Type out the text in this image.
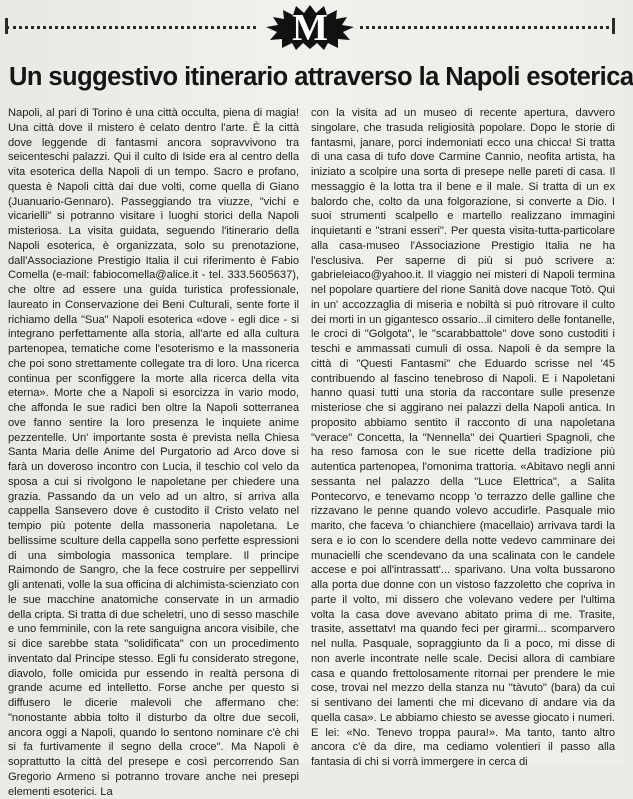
M
Un suggestivo itinerario attraverso la Napoli esoterica

Napoli, al pari di Torino è una città occulta, piena di magia! Una città dove il mistero è celato dentro l'arte. È la città dove leggende di fantasmi ancora sopravvivono tra seicenteschi palazzi. Qui il culto di Iside era al centro della vita esoterica della Napoli di un tempo. Sacro e profano, questa è Napoli città dai due volti, come quella di Giano (Juanuario-Gennaro). Passeggiando tra viuzze, "vichi e vicarielli" si potranno visitare i luoghi storici della Napoli misteriosa. La visita guidata, seguendo l'itinerario della Napoli esoterica, è organizzata, solo su prenotazione, dall'Associazione Prestigio Italia il cui riferimento è Fabio Comella (e-mail: fabiocomella@alice.it - tel. 333.5605637), che oltre ad essere una guida turistica professionale, laureato in Conservazione dei Beni Culturali, sente forte il richiamo della "Sua" Napoli esoterica «dove - egli dice - si integrano perfettamente alla storia, all'arte ed alla cultura partenopea, tematiche come l'esoterismo e la massoneria che poi sono strettamente collegate tra di loro. Una ricerca continua per sconfiggere la morte alla ricerca della vita eterna». Morte che a Napoli si esorcizza in vario modo, che affonda le sue radici ben oltre la Napoli sotterranea ove fanno sentire la loro presenza le inquiete anime pezzentelle. Un' importante sosta è prevista nella Chiesa Santa Maria delle Anime del Purgatorio ad Arco dove si farà un doveroso incontro con Lucia, il teschio col velo da sposa a cui si rivolgono le napoletane per chiedere una grazia. Passando da un velo ad un altro, si arriva alla cappella Sansevero dove è custodito il Cristo velato nel tempio più potente della massoneria napoletana. Le bellissime sculture della cappella sono perfette espressioni di una simbologia massonica templare. Il principe Raimondo de Sangro, che la fece costruire per seppellirvi gli antenati, volle la sua officina di alchimista-scienziato con le sue macchine anatomiche conservate in un armadio della cripta. Si tratta di due scheletri, uno di sesso maschile e uno femminile, con la rete sanguigna ancora visibile, che si dice sarebbe stata "solidificata" con un procedimento inventato dal Principe stesso. Egli fu considerato stregone, diavolo, folle omicida pur essendo in realtà persona di grande acume ed intelletto. Forse anche per questo si diffusero le dicerie malevoli che affermano che: "nonostante abbia tolto il disturbo da oltre due secoli, ancora oggi a Napoli, quando lo sentono nominare c'è chi si fa furtivamente il segno della croce". Ma Napoli è soprattutto la città del presepe e così percorrendo San Gregorio Armeno si potranno trovare anche nei presepi elementi esoterici. La

con la visita ad un museo di recente apertura, davvero singolare, che trasuda religiosità popolare. Dopo le storie di fantasmi, janare, porci indemoniati ecco una chicca! Si tratta di una casa di tufo dove Carmine Cannio, neofita artista, ha iniziato a scolpire una sorta di presepe nelle pareti di casa. Il messaggio è la lotta tra il bene e il male. Si tratta di un ex balordo che, colto da una folgorazione, si converte a Dio. I suoi strumenti scalpello e martello realizzano immagini inquietanti e "strani esseri". Per questa visita-tutta-particolare alla casa-museo l'Associazione Prestigio Italia ne ha l'esclusiva. Per saperne di più si può scrivere a: gabrieleiaco@yahoo.it. Il viaggio nei misteri di Napoli termina nel popolare quartiere del rione Sanità dove nacque Totò. Qui in un' accozzaglia di miseria e nobiltà si può ritrovare il culto dei morti in un gigantesco ossario...il cimitero delle fontanelle, le croci di "Golgota", le "scarabbattole" dove sono custoditi i teschi e ammassati cumuli di ossa. Napoli è da sempre la città di "Questi Fantasmi" che Eduardo scrisse nel '45 contribuendo al fascino tenebroso di Napoli. E i Napoletani hanno quasi tutti una storia da raccontare sulle presenze misteriose che si aggirano nei palazzi della Napoli antica. In proposito abbiamo sentito il racconto di una napoletana "verace" Concetta, la "Nennella" dei Quartieri Spagnoli, che ha reso famosa con le sue ricette della tradizione più autentica partenopea, l'omonima trattoria. «Abitavo negli anni sessanta nel palazzo della "Luce Elettrica", a Salita Pontecorvo, e tenevamo ncopp 'o terrazzo delle galline che rizzavano le penne quando volevo accudirle. Pasquale mio marito, che faceva 'o chianchiere (macellaio) arrivava tardi la sera e io con lo scendere della notte vedevo camminare dei munacielli che scendevano da una scalinata con le candele accese e poi all'intrassatt'... sparivano. Una volta bussarono alla porta due donne con un vistoso fazzoletto che copriva in parte il volto, mi dissero che volevano vedere per l'ultima volta la casa dove avevano abitato prima di me. Trasite, trasite, assettatv! ma quando feci per girarmi... scomparvero nel nulla. Pasquale, sopraggiunto da lì a poco, mi disse di non averle incontrate nelle scale. Decisi allora di cambiare casa e quando frettolosamente ritornai per prendere le mie cose, trovai nel mezzo della stanza nu "tàvuto" (bara) da cui si sentivano dei lamenti che mi dicevano di andare via da quella casa». Le abbiamo chiesto se avesse giocato i numeri. E lei: «No. Tenevo troppa paura!». Ma tanto, tanto altro ancora c'è da dire, ma cediamo volentieri il passo alla fantasia di chi si vorrà immergere in cerca di
